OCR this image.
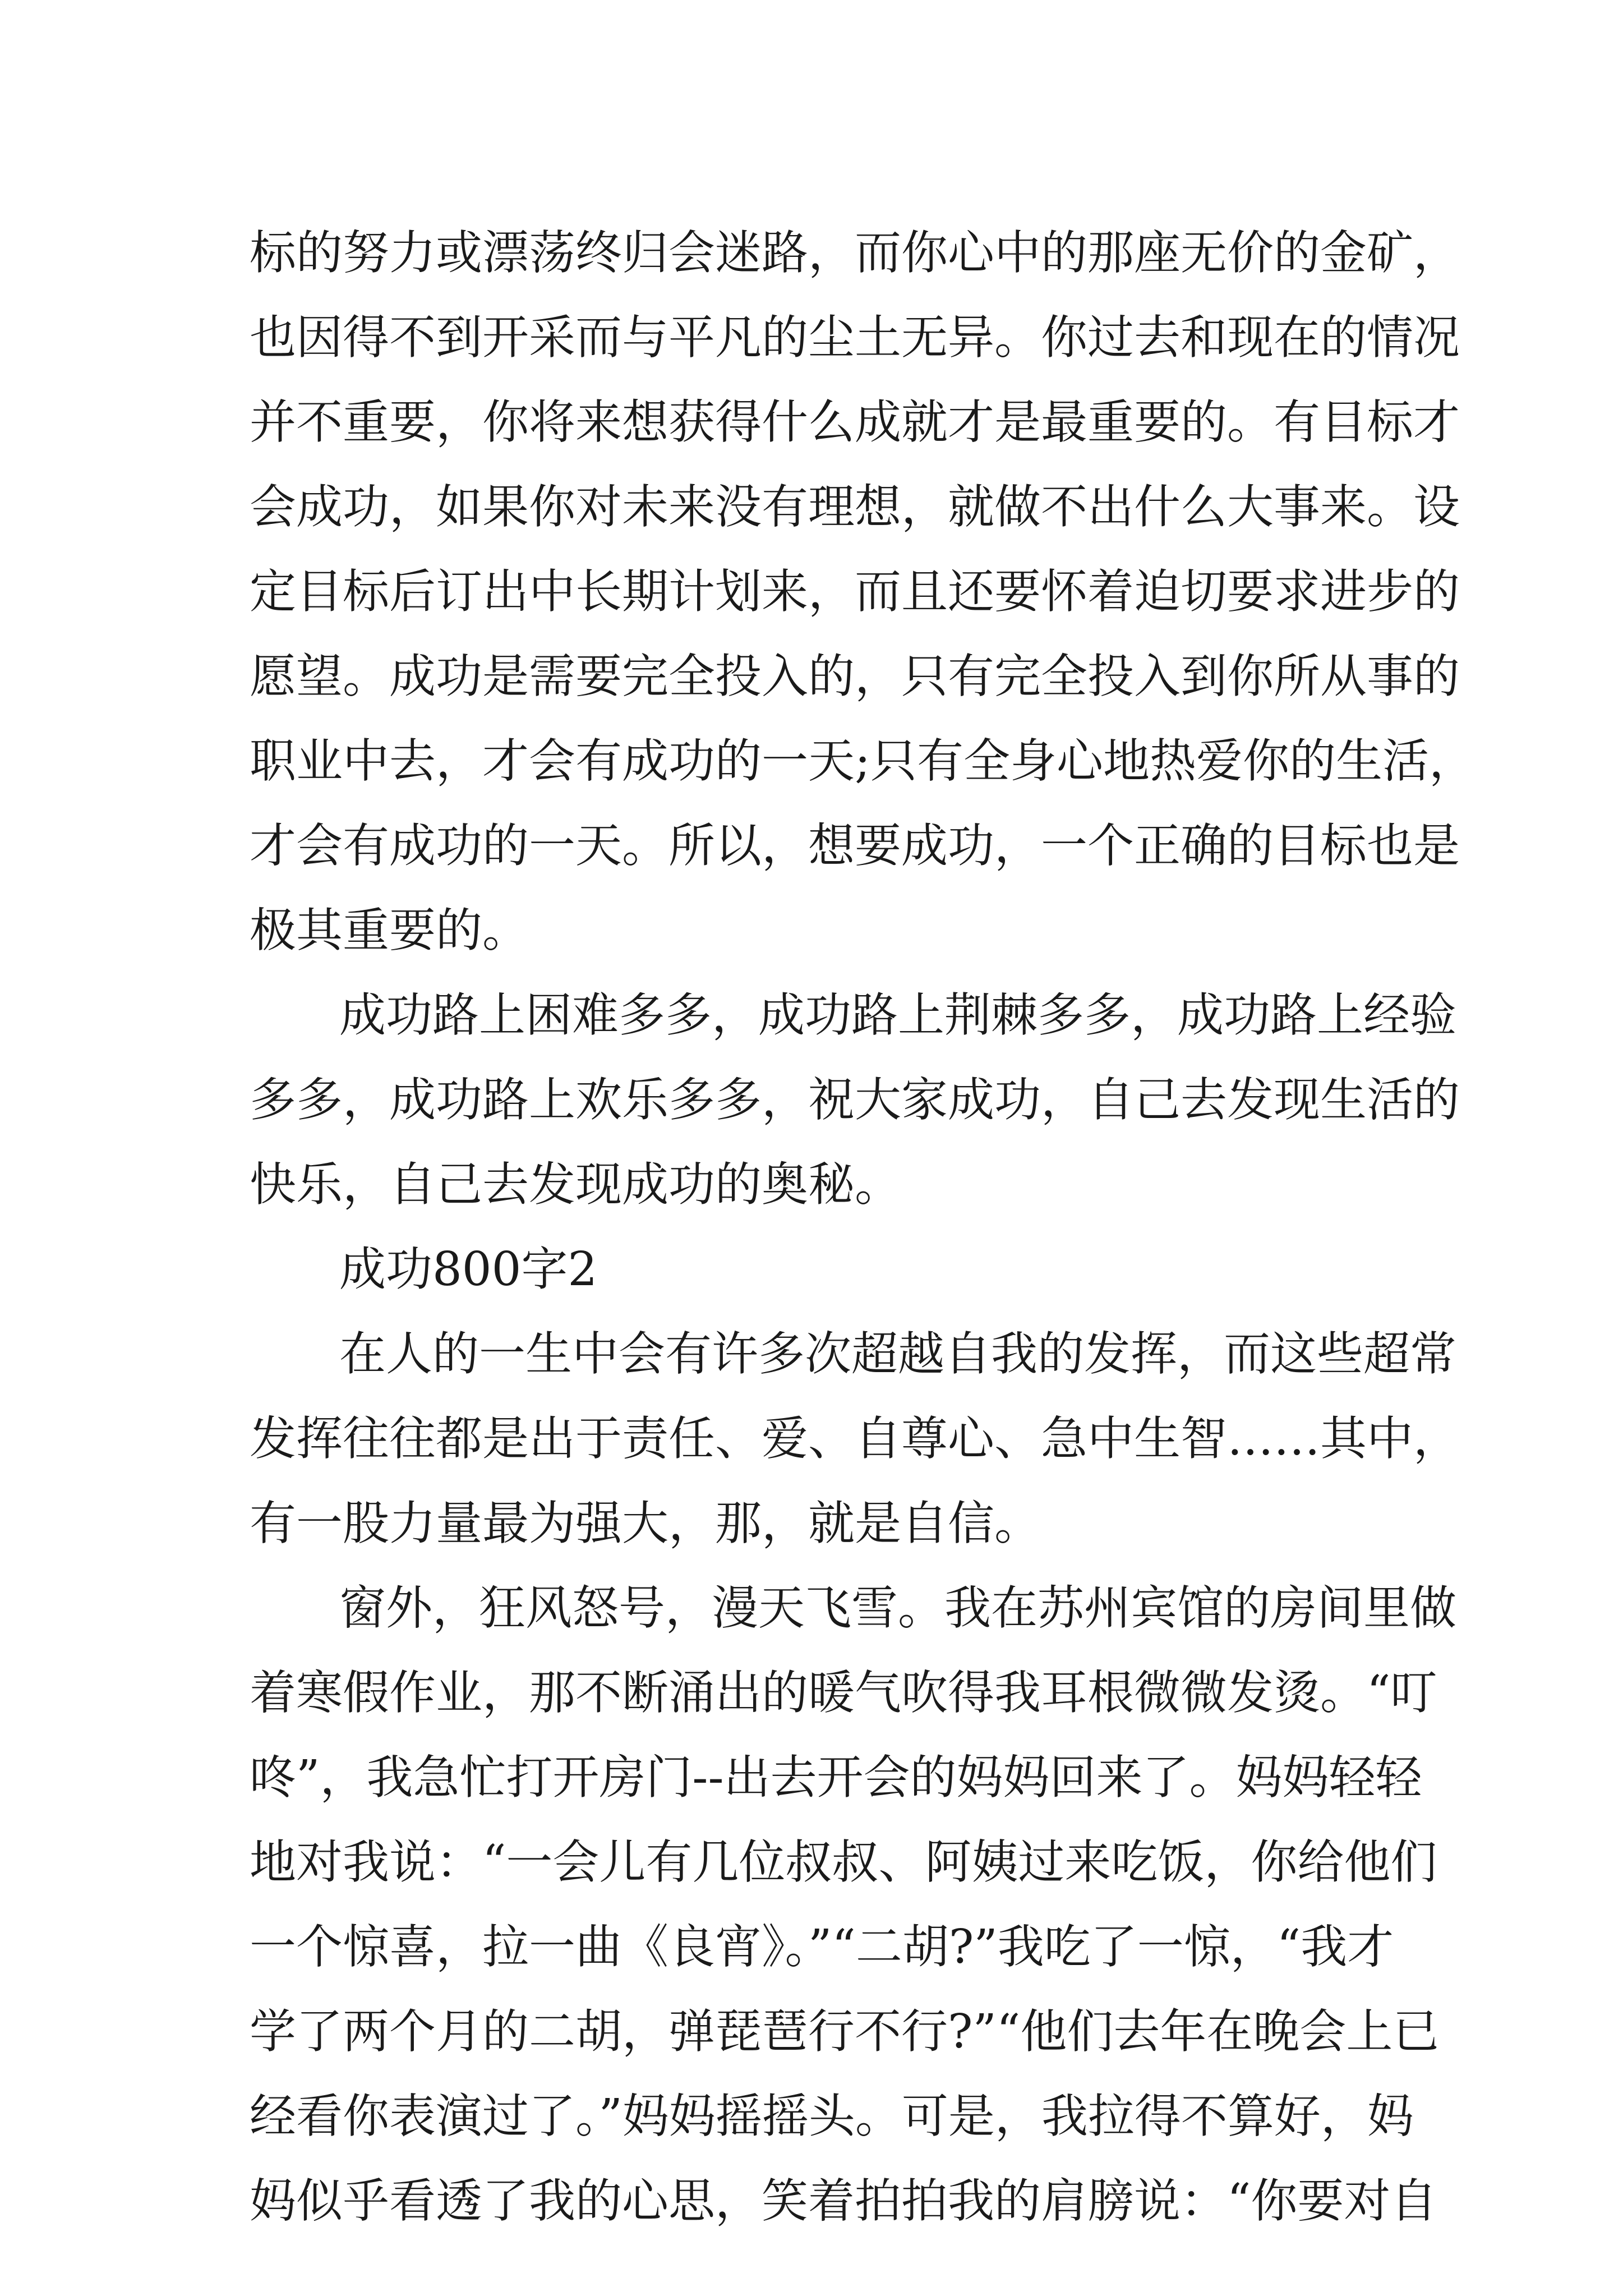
标的努力或漂荡终归会迷路，而你心中的那座无价的金矿，
也因得不到开采而与平凡的尘土无异。你过去和现在的情况
并不重要，你将来想获得什么成就才是最重要的。有目标才
会成功，如果你对未来没有理想，就做不出什么大事来。设
定目标后订出中长期计划来，而且还要怀着迫切要求进步的
愿望。成功是需要完全投入的，只有完全投入到你所从事的
职业中去，才会有成功的一天;只有全身心地热爱你的生活，
才会有成功的一天。所以，想要成功，一个正确的目标也是
极其重要的。
成功路上困难多多，成功路上荆棘多多，成功路上经验
多多，成功路上欢乐多多，祝大家成功，自己去发现生活的
快乐，自己去发现成功的奥秘。
成功800字2
在人的一生中会有许多次超越自我的发挥，而这些超常
发挥往往都是出于责任、爱、自尊心、急中生智……其中，
有一股力量最为强大，那，就是自信。
窗外，狂风怒号，漫天飞雪。我在苏州宾馆的房间里做
着寒假作业，那不断涌出的暖气吹得我耳根微微发烫。“叮
咚”，我急忙打开房门--出去开会的妈妈回来了。妈妈轻轻
地对我说：“一会儿有几位叔叔、阿姨过来吃饭，你给他们
一个惊喜，拉一曲《良宵》。”“二胡?”我吃了一惊，“我才
学了两个月的二胡，弹琵琶行不行?”“他们去年在晚会上已
经看你表演过了。”妈妈摇摇头。可是，我拉得不算好，妈
妈似乎看透了我的心思，笑着拍拍我的肩膀说：“你要对自
